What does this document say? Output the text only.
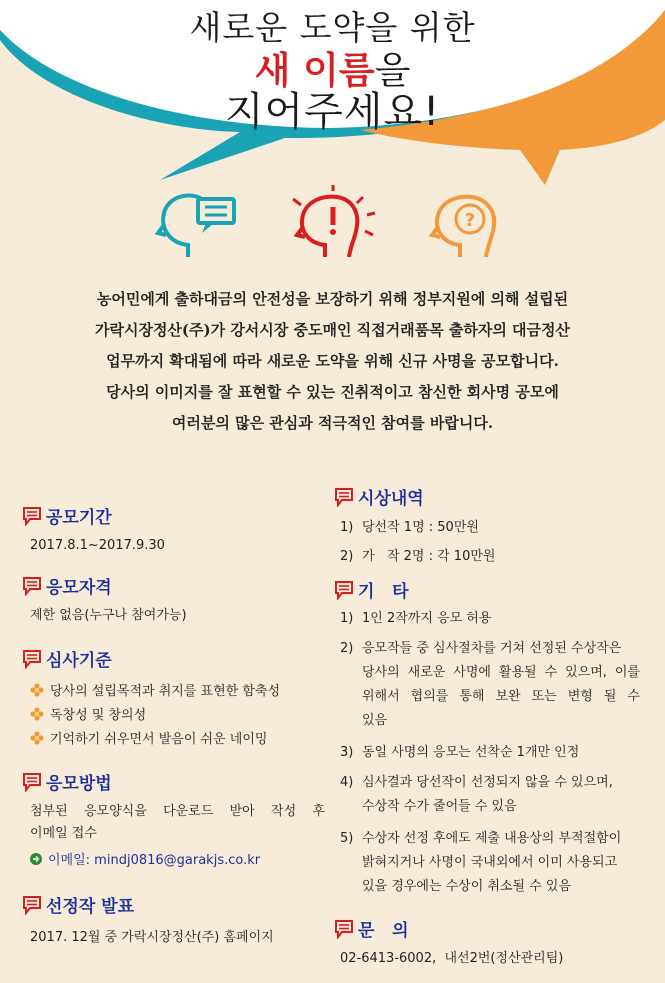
새로운 도약을 위한
새 이름을
지어주세요!
?
농어민에게 출하대금의 안전성을 보장하기 위해 정부지원에 의해 설립된
가락시장정산(주)가 강서시장 중도매인 직접거래품목 출하자의 대금정산
업무까지 확대됨에 따라 새로운 도약을 위해 신규 사명을 공모합니다.
당사의 이미지를 잘 표현할 수 있는 진취적이고 참신한 회사명 공모에
여러분의 많은 관심과 적극적인 참여를 바랍니다.
공모기간
2017.8.1~2017.9.30
응모자격
제한 없음(누구나 참여가능)
심사기준
당사의 설립목적과 취지를 표현한 함축성
독창성 및 창의성
기억하기 쉬우면서 발음이 쉬운 네이밍
응모방법
첨부된 응모양식을 다운로드 받아 작성 후
이메일 접수
이메일: mindj0816@garakjs.co.kr
선정작 발표
2017. 12월 중 가락시장정산(주) 홈페이지
시상내역
1) 당선작 1명 : 50만원
2) 가   작 2명 : 각 10만원
기   타
1) 1인 2작까지 응모 허용
2) 응모작들 중 심사절차를 거쳐 선정된 수상작은
당사의 새로운 사명에 활용될 수 있으며, 이를
위해서 협의를 통해 보완 또는 변형 될 수
있음
3) 동일 사명의 응모는 선착순 1개만 인정
4) 심사결과 당선작이 선정되지 않을 수 있으며,
수상작 수가 줄어들 수 있음
5) 수상자 선정 후에도 제출 내용상의 부적절함이
밝혀지거나 사명이 국내외에서 이미 사용되고
있을 경우에는 수상이 취소될 수 있음
문   의
02-6413-6002,  내선2번(정산관리팀)
